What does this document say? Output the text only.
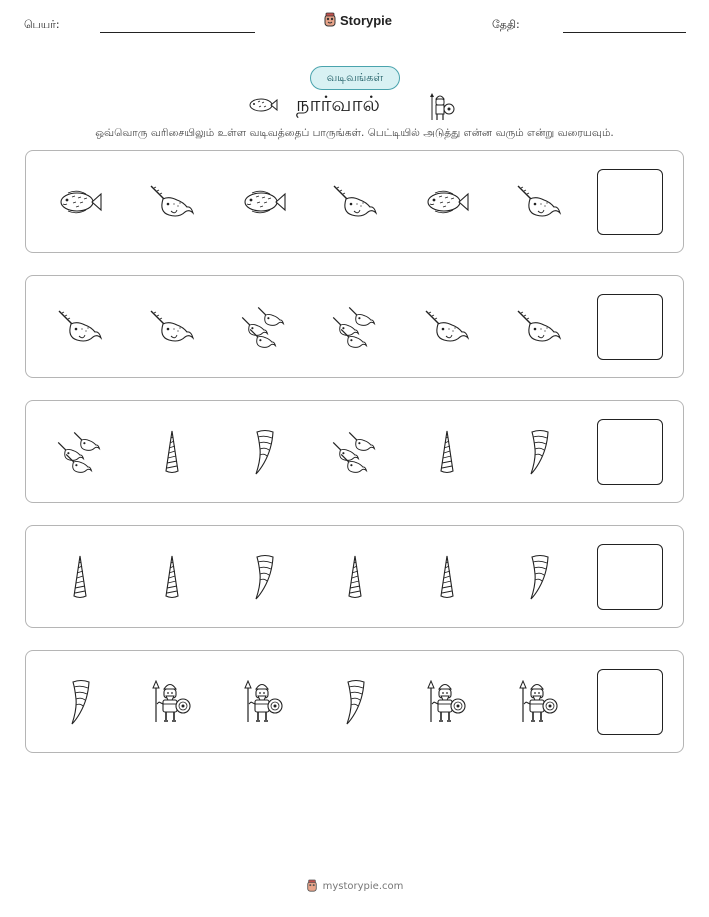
பெயர்:	Storypie	தேதி:
வடிவங்கள்
நார்வால்
ஒவ்வொரு வரிசையிலும் உள்ள வடிவத்தைப் பாருங்கள். பெட்டியில் அடுத்து என்ன வரும் என்று வரையவும்.
mystorypie.com
